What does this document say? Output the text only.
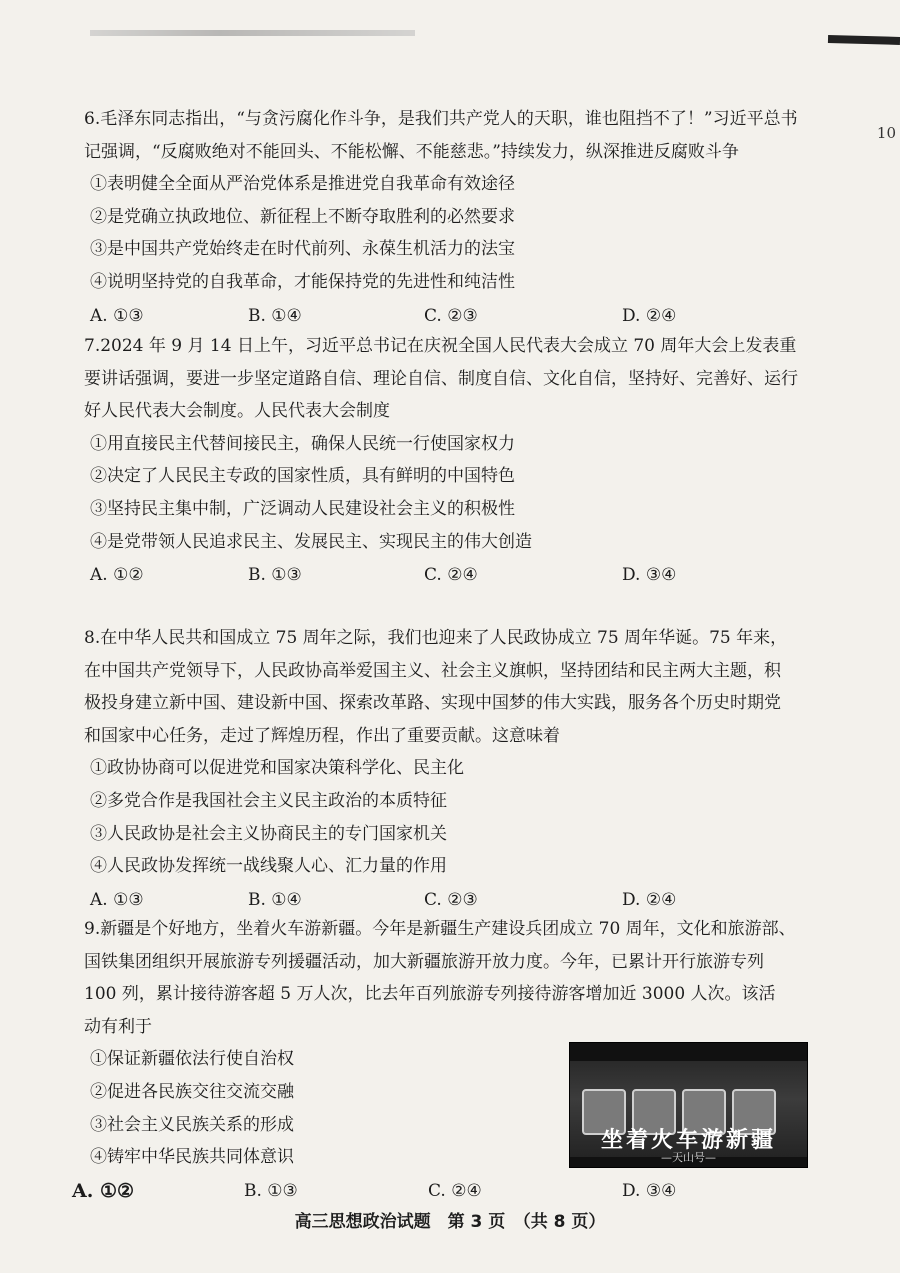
10
6.毛泽东同志指出，“与贪污腐化作斗争，是我们共产党人的天职，谁也阻挡不了！”习近平总书
记强调，“反腐败绝对不能回头、不能松懈、不能慈悲。”持续发力，纵深推进反腐败斗争
①表明健全全面从严治党体系是推进党自我革命有效途径
②是党确立执政地位、新征程上不断夺取胜利的必然要求
③是中国共产党始终走在时代前列、永葆生机活力的法宝
④说明坚持党的自我革命，才能保持党的先进性和纯洁性
A. ①③	B. ①④	C. ②③	D. ②④
7.2024 年 9 月 14 日上午，习近平总书记在庆祝全国人民代表大会成立 70 周年大会上发表重
要讲话强调，要进一步坚定道路自信、理论自信、制度自信、文化自信，坚持好、完善好、运行
好人民代表大会制度。人民代表大会制度
①用直接民主代替间接民主，确保人民统一行使国家权力
②决定了人民民主专政的国家性质，具有鲜明的中国特色
③坚持民主集中制，广泛调动人民建设社会主义的积极性
④是党带领人民追求民主、发展民主、实现民主的伟大创造
A. ①②	B. ①③	C. ②④	D. ③④
8.在中华人民共和国成立 75 周年之际，我们也迎来了人民政协成立 75 周年华诞。75 年来，
在中国共产党领导下，人民政协高举爱国主义、社会主义旗帜，坚持团结和民主两大主题，积
极投身建立新中国、建设新中国、探索改革路、实现中国梦的伟大实践，服务各个历史时期党
和国家中心任务，走过了辉煌历程，作出了重要贡献。这意味着
①政协协商可以促进党和国家决策科学化、民主化
②多党合作是我国社会主义民主政治的本质特征
③人民政协是社会主义协商民主的专门国家机关
④人民政协发挥统一战线聚人心、汇力量的作用
A. ①③	B. ①④	C. ②③	D. ②④
9.新疆是个好地方，坐着火车游新疆。今年是新疆生产建设兵团成立 70 周年，文化和旅游部、
国铁集团组织开展旅游专列援疆活动，加大新疆旅游开放力度。今年，已累计开行旅游专列
100 列，累计接待游客超 5 万人次，比去年百列旅游专列接待游客增加近 3000 人次。该活
动有利于
①保证新疆依法行使自治权
②促进各民族交往交流交融
③社会主义民族关系的形成
④铸牢中华民族共同体意识
A. ①②	B. ①③	C. ②④	D. ③④
坐着火车游新疆
—天山号—
高三思想政治试题　第 3 页　（共 8 页）
